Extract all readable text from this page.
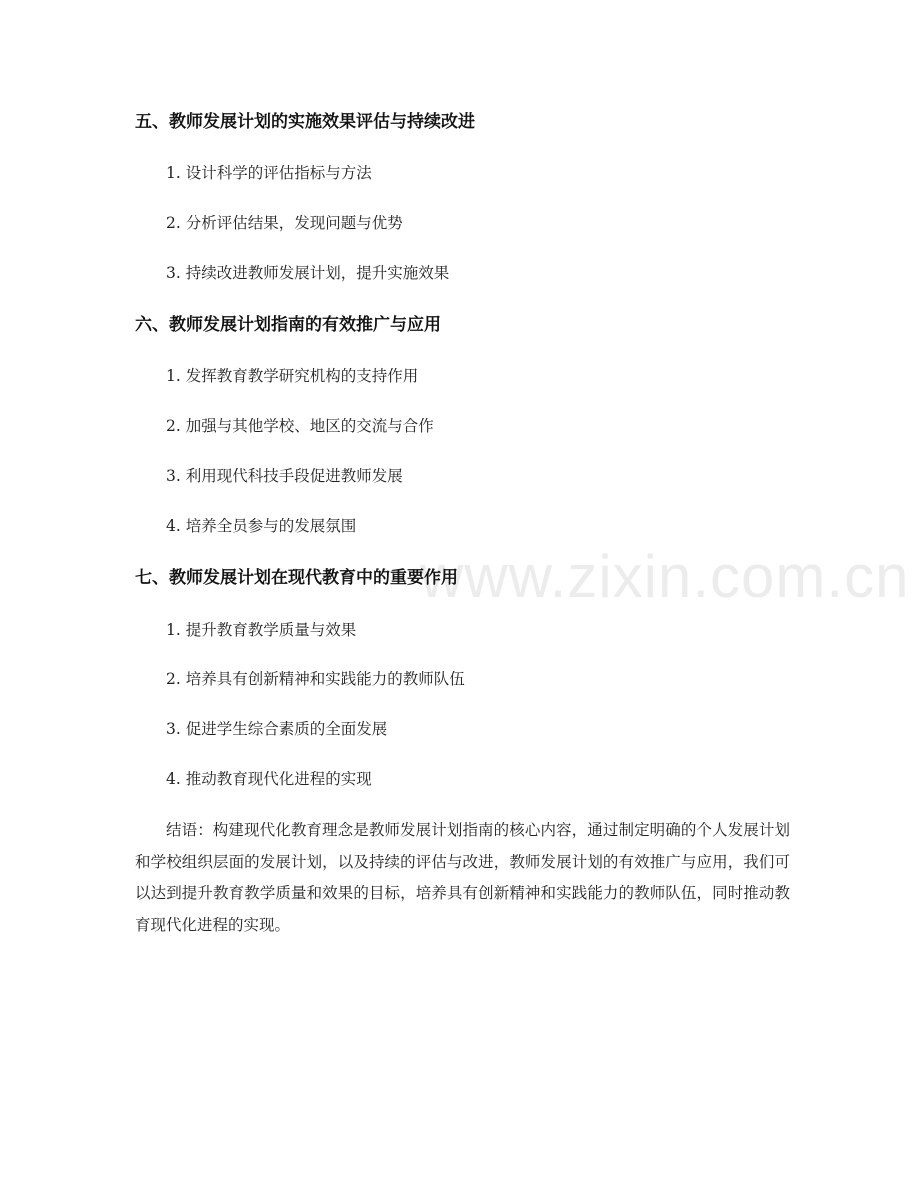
www.zixin.com.cn
五、教师发展计划的实施效果评估与持续改进
1. 设计科学的评估指标与方法
2. 分析评估结果，发现问题与优势
3. 持续改进教师发展计划，提升实施效果
六、教师发展计划指南的有效推广与应用
1. 发挥教育教学研究机构的支持作用
2. 加强与其他学校、地区的交流与合作
3. 利用现代科技手段促进教师发展
4. 培养全员参与的发展氛围
七、教师发展计划在现代教育中的重要作用
1. 提升教育教学质量与效果
2. 培养具有创新精神和实践能力的教师队伍
3. 促进学生综合素质的全面发展
4. 推动教育现代化进程的实现

结语：构建现代化教育理念是教师发展计划指南的核心内容，通过制定明确的个人发展计划和学校组织层面的发展计划，以及持续的评估与改进，教师发展计划的有效推广与应用，我们可以达到提升教育教学质量和效果的目标，培养具有创新精神和实践能力的教师队伍，同时推动教育现代化进程的实现。
